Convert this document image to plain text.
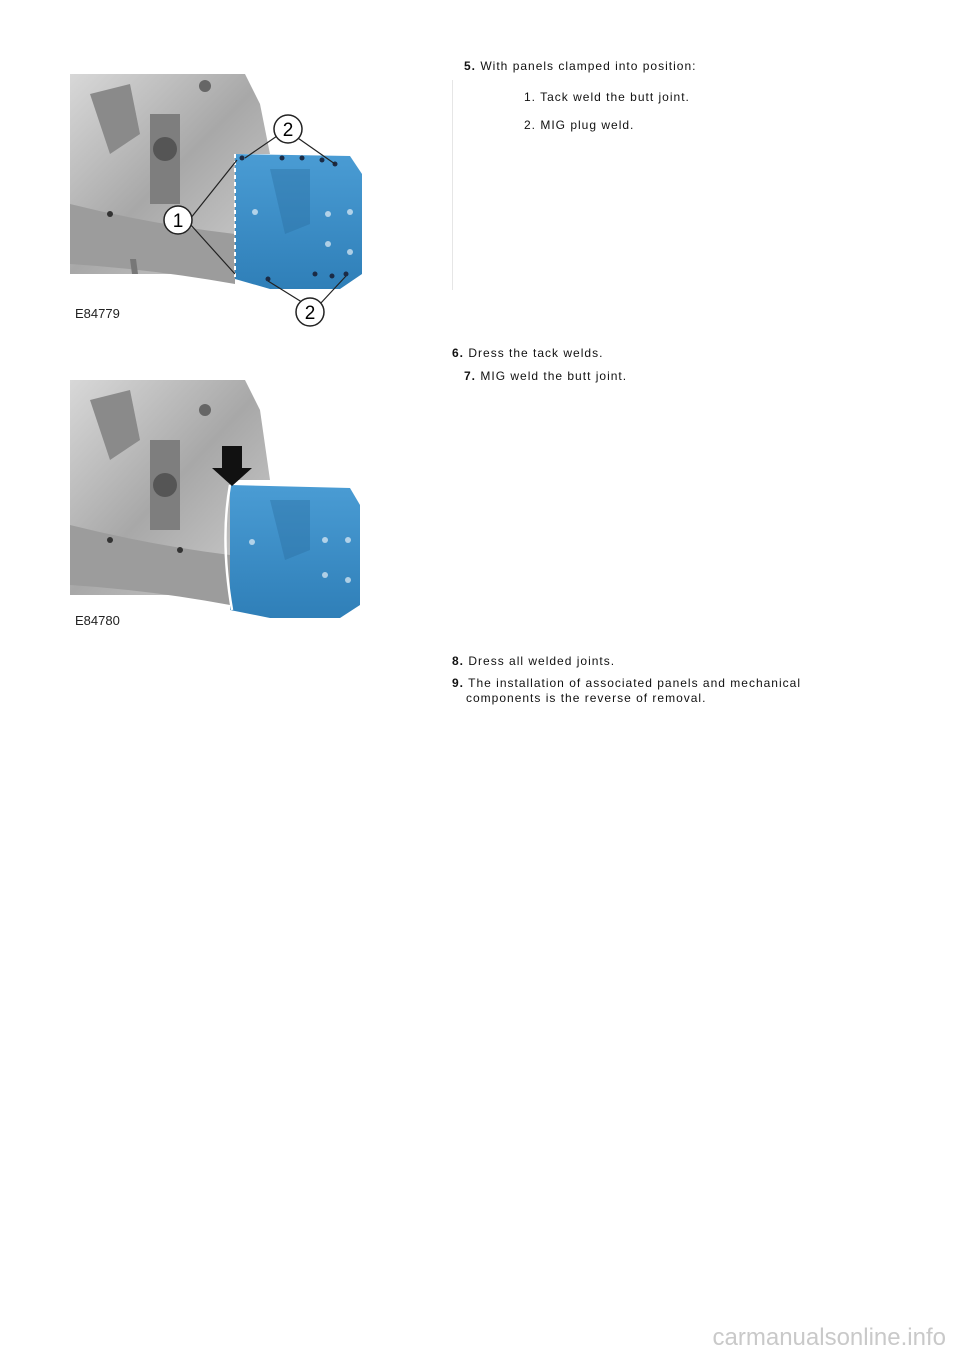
1
2
2
E84779
E84780
5. With panels clamped into position:
1. Tack weld the butt joint.
2. MIG plug weld.
6. Dress the tack welds.
7. MIG weld the butt joint.
8. Dress all welded joints.
9. The installation of associated panels and mechanical
components is the reverse of removal.
carmanualsonline.info
